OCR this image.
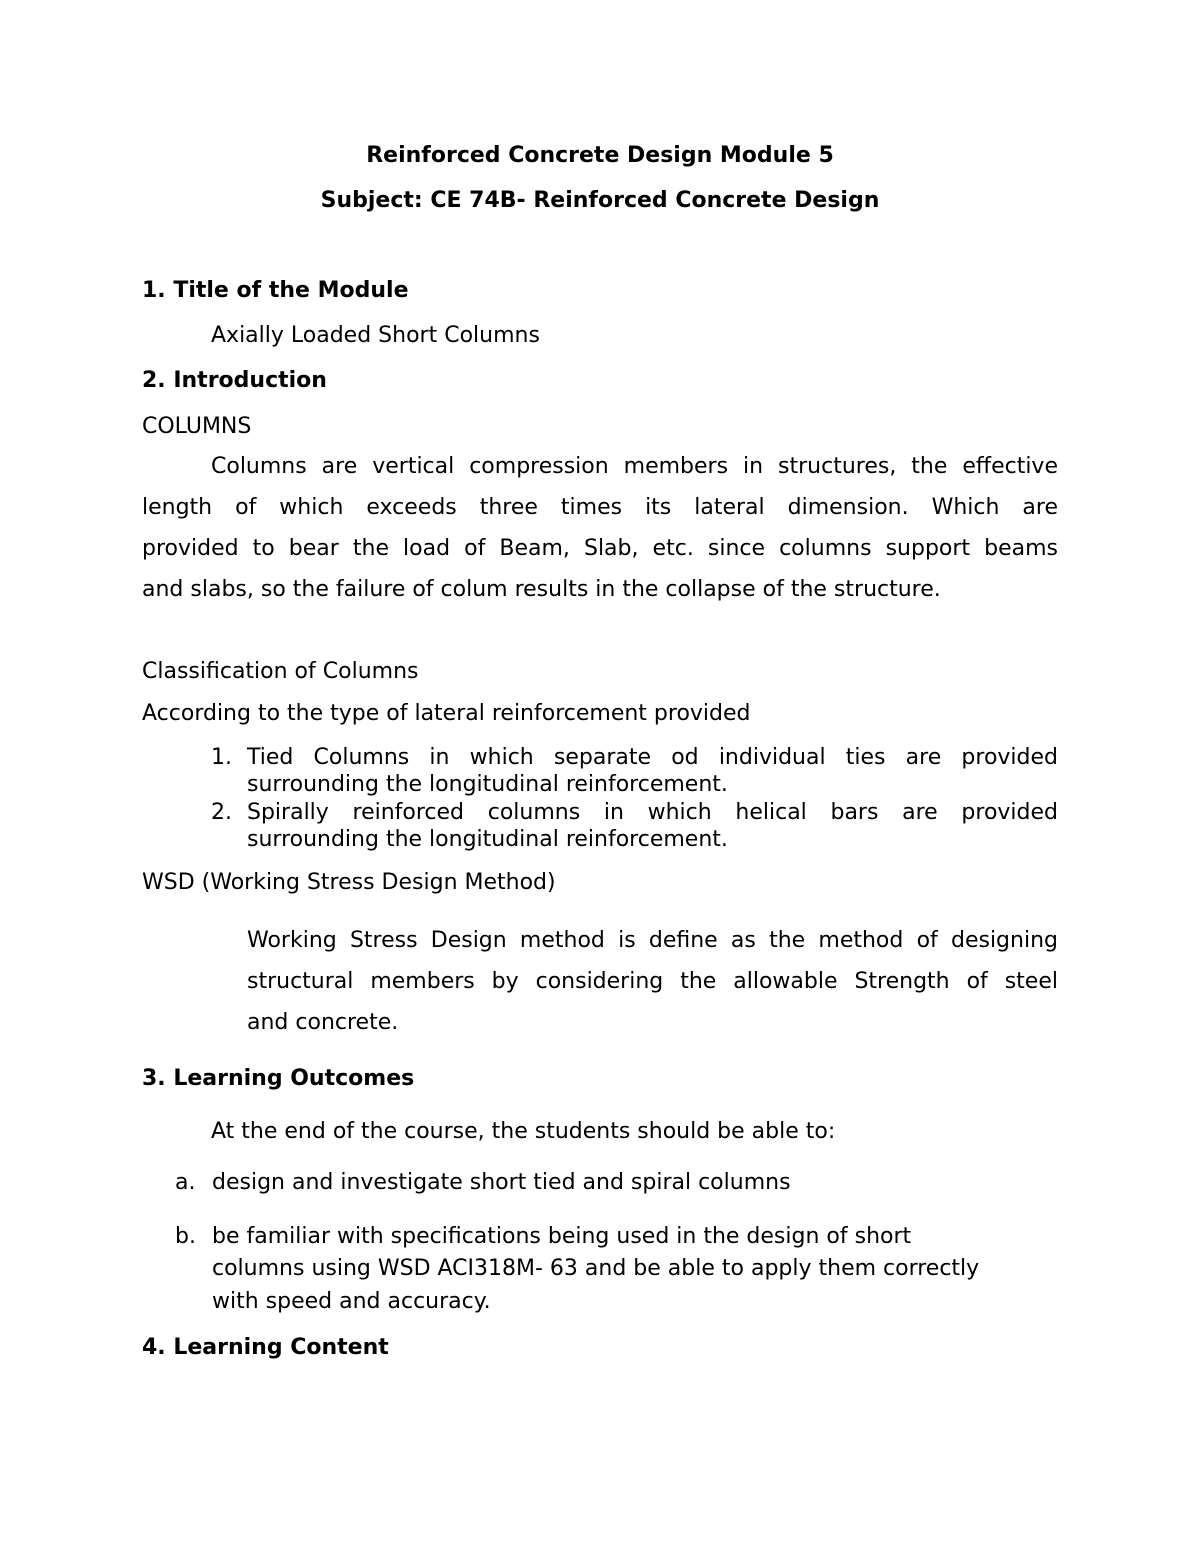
Reinforced Concrete Design Module 5
Subject: CE 74B- Reinforced Concrete Design
1. Title of the Module
Axially Loaded Short Columns
2. Introduction
COLUMNS
Columns are vertical compression members in structures, the effective
length of which exceeds three times its lateral dimension. Which are
provided to bear the load of Beam, Slab, etc. since columns support beams
and slabs, so the failure of colum results in the collapse of the structure.
Classification of Columns
According to the type of lateral reinforcement provided
1. Tied Columns in which separate od individual ties are provided
surrounding the longitudinal reinforcement.
2. Spirally reinforced columns in which helical bars are provided
surrounding the longitudinal reinforcement.
WSD (Working Stress Design Method)
Working Stress Design method is define as the method of designing
structural members by considering the allowable Strength of steel
and concrete.
3. Learning Outcomes
At the end of the course, the students should be able to:
a. design and investigate short tied and spiral columns
b. be familiar with specifications being used in the design of short
columns using WSD ACI318M- 63 and be able to apply them correctly
with speed and accuracy.
4. Learning Content
